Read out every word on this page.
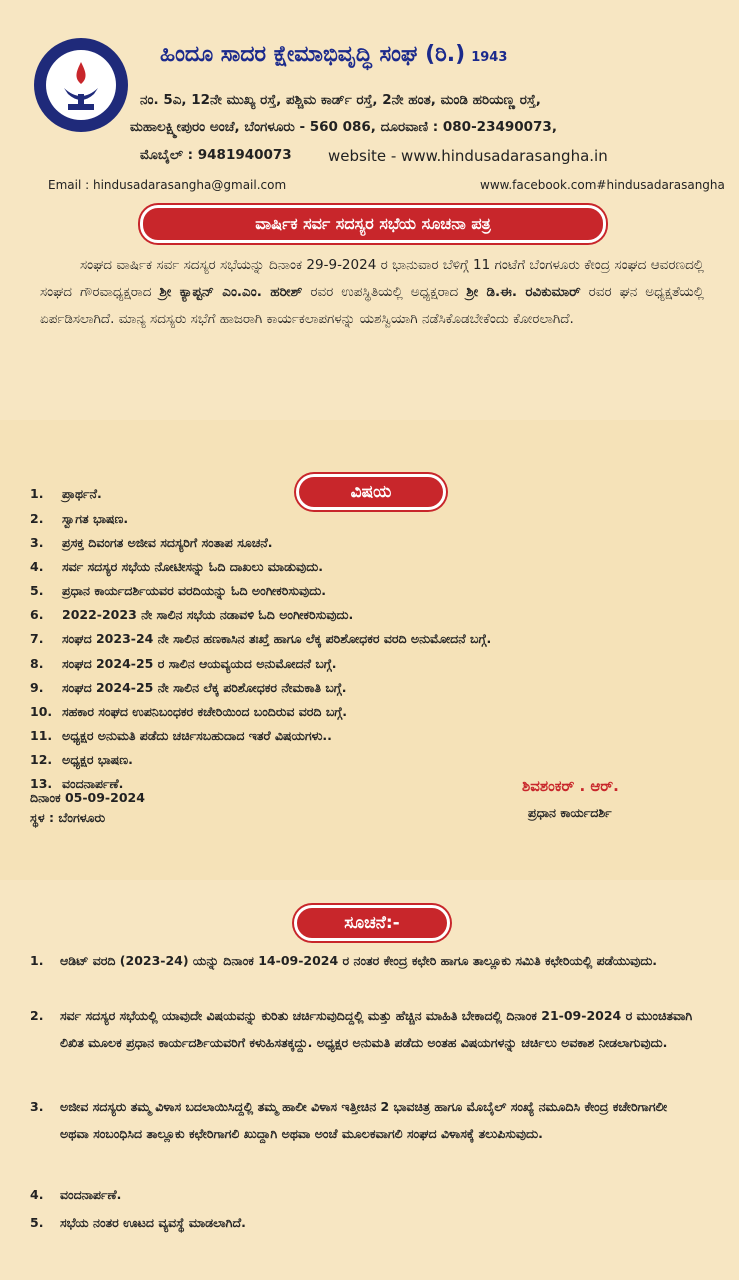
ಹಿಂದೂ ಸಾದರ ಕ್ಷೇಮಾಭಿವೃದ್ಧಿ ಸಂಘ (ರಿ.) 1943
ನಂ. 5ಎ, 12ನೇ ಮುಖ್ಯ ರಸ್ತೆ, ಪಶ್ಚಿಮ ಕಾರ್ಡ್ ರಸ್ತೆ, 2ನೇ ಹಂತ, ಮಂಡಿ ಹರಿಯಣ್ಣ ರಸ್ತೆ,
ಮಹಾಲಕ್ಷ್ಮೀಪುರಂ ಅಂಚೆ, ಬೆಂಗಳೂರು - 560 086, ದೂರವಾಣಿ : 080-23490073,
ಮೊಬೈಲ್ : 9481940073 website - www.hindusadarasangha.in
Email : hindusadarasangha@gmail.com	www.facebook.com#hindusadarasangha
ವಾರ್ಷಿಕ ಸರ್ವ ಸದಸ್ಯರ ಸಭೆಯ ಸೂಚನಾ ಪತ್ರ
ಸಂಘದ ವಾರ್ಷಿಕ ಸರ್ವ ಸದಸ್ಯರ ಸಭೆಯನ್ನು ದಿನಾಂಕ 29-9-2024 ರ ಭಾನುವಾರ ಬೆಳಿಗ್ಗೆ 11 ಗಂಟೆಗೆ ಬೆಂಗಳೂರು ಕೇಂದ್ರ ಸಂಘದ ಆವರಣದಲ್ಲಿ ಸಂಘದ ಗೌರವಾಧ್ಯಕ್ಷರಾದ ಶ್ರೀ ಕ್ಯಾಪ್ಟನ್ ಎಂ.ಎಂ. ಹರೀಶ್ ರವರ ಉಪಸ್ಥಿತಿಯಲ್ಲಿ ಅಧ್ಯಕ್ಷರಾದ ಶ್ರೀ ಡಿ.ಈ. ರವಿಕುಮಾರ್ ರವರ ಘನ ಅಧ್ಯಕ್ಷತೆಯಲ್ಲಿ ಏರ್ಪಡಿಸಲಾಗಿದೆ. ಮಾನ್ಯ ಸದಸ್ಯರು ಸಭೆಗೆ ಹಾಜರಾಗಿ ಕಾರ್ಯಕಲಾಪಗಳನ್ನು ಯಶಸ್ವಿಯಾಗಿ ನಡೆಸಿಕೊಡಬೇಕೆಂದು ಕೋರಲಾಗಿದೆ.
ವಿಷಯ
1. ಪ್ರಾರ್ಥನೆ.
2. ಸ್ವಾಗತ ಭಾಷಣ.
3. ಪ್ರಸಕ್ತ ದಿವಂಗತ ಅಜೀವ ಸದಸ್ಯರಿಗೆ ಸಂತಾಪ ಸೂಚನೆ.
4. ಸರ್ವ ಸದಸ್ಯರ ಸಭೆಯ ನೋಟೀಸನ್ನು ಓದಿ ದಾಖಲು ಮಾಡುವುದು.
5. ಪ್ರಧಾನ ಕಾರ್ಯದರ್ಶಿಯವರ ವರದಿಯನ್ನು ಓದಿ ಅಂಗೀಕರಿಸುವುದು.
6. 2022-2023 ನೇ ಸಾಲಿನ ಸಭೆಯ ನಡಾವಳಿ ಓದಿ ಅಂಗೀಕರಿಸುವುದು.
7. ಸಂಘದ 2023-24 ನೇ ಸಾಲಿನ ಹಣಕಾಸಿನ ತಃಖ್ತೆ ಹಾಗೂ ಲೆಕ್ಕ ಪರಿಶೋಧಕರ ವರದಿ ಅನುಮೋದನೆ ಬಗ್ಗೆ.
8. ಸಂಘದ 2024-25 ರ ಸಾಲಿನ ಆಯವ್ಯಯದ ಅನುಮೋದನೆ ಬಗ್ಗೆ.
9. ಸಂಘದ 2024-25 ನೇ ಸಾಲಿನ ಲೆಕ್ಕ ಪರಿಶೋಧಕರ ನೇಮಕಾತಿ ಬಗ್ಗೆ.
10. ಸಹಕಾರ ಸಂಘದ ಉಪನಿಬಂಧಕರ ಕಚೇರಿಯಿಂದ ಬಂದಿರುವ ವರದಿ ಬಗ್ಗೆ.
11. ಅಧ್ಯಕ್ಷರ ಅನುಮತಿ ಪಡೆದು ಚರ್ಚಿಸಬಹುದಾದ ಇತರೆ ವಿಷಯಗಳು..
12. ಅಧ್ಯಕ್ಷರ ಭಾಷಣ.
13. ವಂದನಾರ್ಪಣೆ.
ದಿನಾಂಕ 05-09-2024
ಸ್ಥಳ : ಬೆಂಗಳೂರು
ಶಿವಶಂಕರ್ . ಆರ್.
ಪ್ರಧಾನ ಕಾರ್ಯದರ್ಶಿ
ಸೂಚನೆ:-
1. ಆಡಿಟ್ ವರದಿ (2023-24) ಯನ್ನು ದಿನಾಂಕ 14-09-2024 ರ ನಂತರ ಕೇಂದ್ರ ಕಛೇರಿ ಹಾಗೂ ತಾಲ್ಲೂಕು ಸಮಿತಿ ಕಛೇರಿಯಲ್ಲಿ ಪಡೆಯುವುದು.
2. ಸರ್ವ ಸದಸ್ಯರ ಸಭೆಯಲ್ಲಿ ಯಾವುದೇ ವಿಷಯವನ್ನು ಕುರಿತು ಚರ್ಚಿಸುವುದಿದ್ದಲ್ಲಿ ಮತ್ತು ಹೆಚ್ಚಿನ ಮಾಹಿತಿ ಬೇಕಾದಲ್ಲಿ ದಿನಾಂಕ 21-09-2024 ರ ಮುಂಚಿತವಾಗಿ ಲಿಖಿತ ಮೂಲಕ ಪ್ರಧಾನ ಕಾರ್ಯದರ್ಶಿಯವರಿಗೆ ಕಳುಹಿಸತಕ್ಕದ್ದು. ಅಧ್ಯಕ್ಷರ ಅನುಮತಿ ಪಡೆದು ಅಂತಹ ವಿಷಯಗಳನ್ನು ಚರ್ಚಿಲು ಅವಕಾಶ ನೀಡಲಾಗುವುದು.
3. ಅಜೀವ ಸದಸ್ಯರು ತಮ್ಮ ವಿಳಾಸ ಬದಲಾಯಿಸಿದ್ದಲ್ಲಿ ತಮ್ಮ ಹಾಲೀ ವಿಳಾಸ ಇತ್ತೀಚಿನ 2 ಭಾವಚಿತ್ರ ಹಾಗೂ ಮೊಬೈಲ್ ಸಂಖ್ಯೆ ನಮೂದಿಸಿ ಕೇಂದ್ರ ಕಚೇರಿಗಾಗಲೀ ಅಥವಾ ಸಂಬಂಧಿಸಿದ ತಾಲ್ಲೂಕು ಕಛೇರಿಗಾಗಲಿ ಖುದ್ದಾಗಿ ಅಥವಾ ಅಂಚೆ ಮೂಲಕವಾಗಲಿ ಸಂಘದ ವಿಳಾಸಕ್ಕೆ ತಲುಪಿಸುವುದು.
4. ವಂದನಾರ್ಪಣೆ.
5. ಸಭೆಯ ನಂತರ ಊಟದ ವ್ಯವಸ್ಥೆ ಮಾಡಲಾಗಿದೆ.
